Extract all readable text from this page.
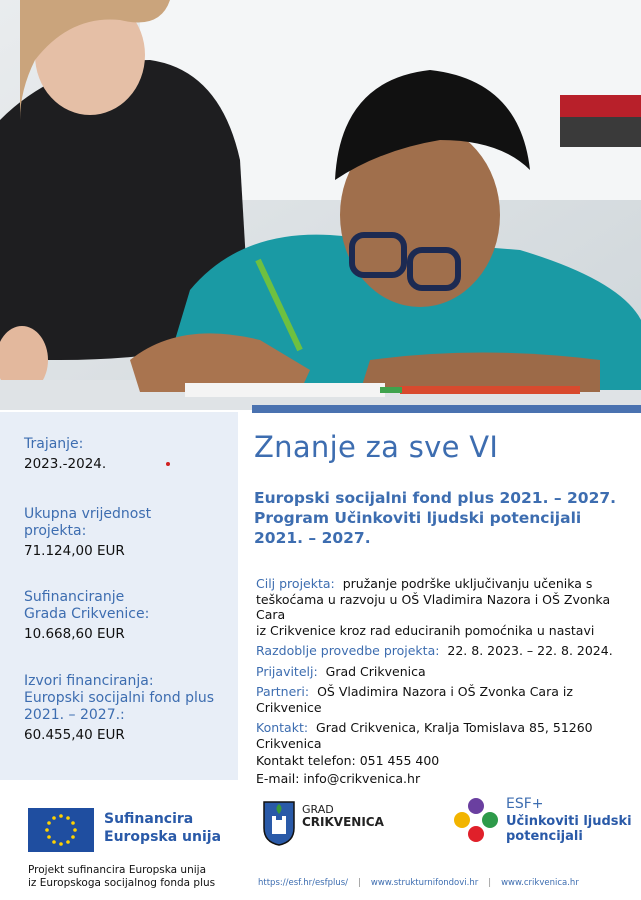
Trajanje:
2023.-2024.
Ukupna vrijednost
projekta:
71.124,00 EUR
Sufinanciranje
Grada Crikvenice:
10.668,60 EUR
Izvori financiranja:
Europski socijalni fond plus
2021. – 2027.:
60.455,40 EUR
Znanje za sve VI
Europski socijalni fond plus 2021. – 2027.
Program Učinkoviti ljudski potencijali
2021. – 2027.
Cilj projekta: pružanje podrške uključivanju učenika s
teškoćama u razvoju u OŠ Vladimira Nazora i OŠ Zvonka Cara
iz Crikvenice kroz rad educiranih pomoćnika u nastavi
Razdoblje provedbe projekta: 22. 8. 2023. – 22. 8. 2024.
Prijavitelj: Grad Crikvenica
Partneri: OŠ Vladimira Nazora i OŠ Zvonka Cara iz Crikvenice
Kontakt: Grad Crikvenica, Kralja Tomislava 85, 51260 Crikvenica
Kontakt telefon: 051 455 400
E-mail: info@crikvenica.hr
Sufinancira
Europska unija
Projekt sufinancira Europska unija
iz Europskoga socijalnog fonda plus
GRAD
CRIKVENICA
ESF+
Učinkoviti ljudski
potencijali
https://esf.hr/esfplus/ | www.strukturnifondovi.hr | www.crikvenica.hr
